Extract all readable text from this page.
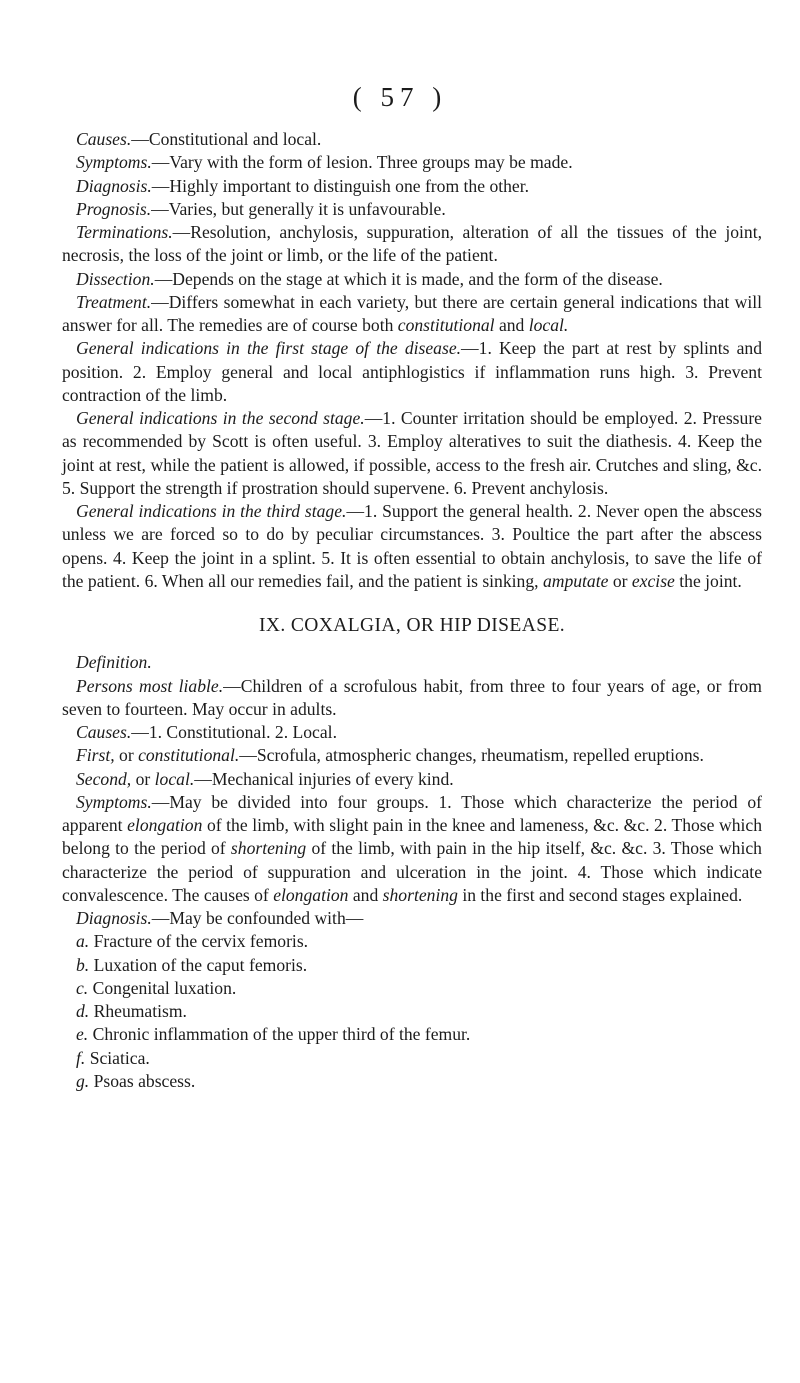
( 57 )

Causes.—Constitutional and local.

Symptoms.—Vary with the form of lesion. Three groups may be made.

Diagnosis.—Highly important to distinguish one from the other.

Prognosis.—Varies, but generally it is unfavourable.

Terminations.—Resolution, anchylosis, suppuration, alteration of all the tissues of the joint, necrosis, the loss of the joint or limb, or the life of the patient.

Dissection.—Depends on the stage at which it is made, and the form of the disease.

Treatment.—Differs somewhat in each variety, but there are certain general indications that will answer for all. The remedies are of course both constitutional and local.

General indications in the first stage of the disease.—1. Keep the part at rest by splints and position. 2. Employ general and local antiphlogistics if inflammation runs high. 3. Prevent contraction of the limb.

General indications in the second stage.—1. Counter irritation should be employed. 2. Pressure as recommended by Scott is often useful. 3. Employ alteratives to suit the diathesis. 4. Keep the joint at rest, while the patient is allowed, if possible, access to the fresh air. Crutches and sling, &c. 5. Support the strength if prostration should supervene. 6. Prevent anchylosis.

General indications in the third stage.—1. Support the general health. 2. Never open the abscess unless we are forced so to do by peculiar circumstances. 3. Poultice the part after the abscess opens. 4. Keep the joint in a splint. 5. It is often essential to obtain anchylosis, to save the life of the patient. 6. When all our remedies fail, and the patient is sinking, amputate or excise the joint.

IX. COXALGIA, OR HIP DISEASE.

Definition.

Persons most liable.—Children of a scrofulous habit, from three to four years of age, or from seven to fourteen. May occur in adults.

Causes.—1. Constitutional. 2. Local.

First, or constitutional.—Scrofula, atmospheric changes, rheumatism, repelled eruptions.

Second, or local.—Mechanical injuries of every kind.

Symptoms.—May be divided into four groups. 1. Those which characterize the period of apparent elongation of the limb, with slight pain in the knee and lameness, &c. &c. 2. Those which belong to the period of shortening of the limb, with pain in the hip itself, &c. &c. 3. Those which characterize the period of suppuration and ulceration in the joint. 4. Those which indicate convalescence. The causes of elongation and shortening in the first and second stages explained.

Diagnosis.—May be confounded with—

a. Fracture of the cervix femoris.

b. Luxation of the caput femoris.

c. Congenital luxation.

d. Rheumatism.

e. Chronic inflammation of the upper third of the femur.

f. Sciatica.

g. Psoas abscess.
